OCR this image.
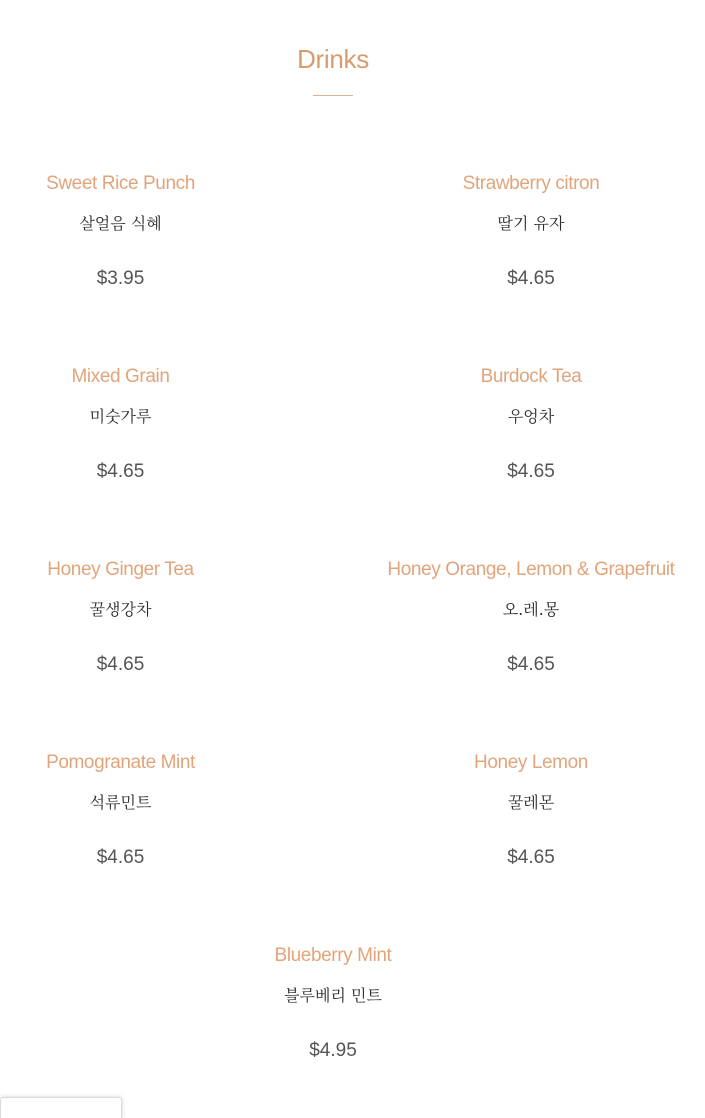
Drinks
Sweet Rice Punch
살얼음 식혜
$3.95
Strawberry citron
딸기 유자
$4.65
Mixed Grain
미숫가루
$4.65
Burdock Tea
우엉차
$4.65
Honey Ginger Tea
꿀생강차
$4.65
Honey Orange, Lemon & Grapefruit
오.레.몽
$4.65
Pomogranate Mint
석류민트
$4.65
Honey Lemon
꿀레몬
$4.65
Blueberry Mint
블루베리 민트
$4.95
